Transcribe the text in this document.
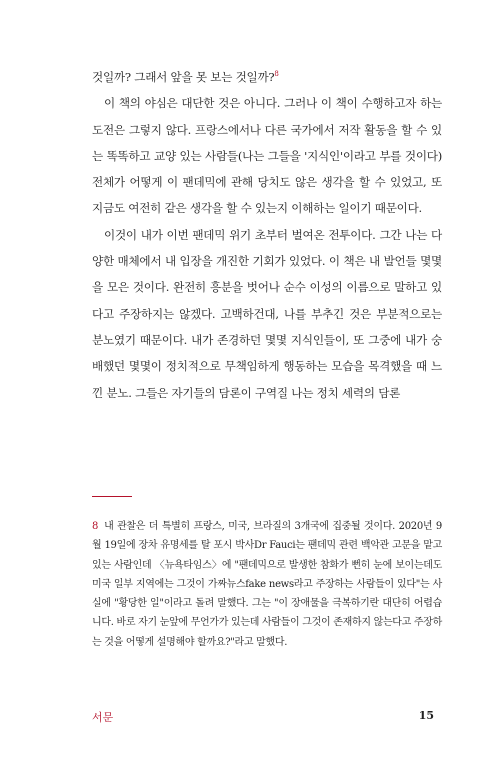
것일까? 그래서 앞을 못 보는 것일까?$^8$

이 책의 야심은 대단한 것은 아니다. 그러나 이 책이 수행하고자 하는 도전은 그렇지 않다. 프랑스에서나 다른 국가에서 저작 활동을 할 수 있는 똑똑하고 교양 있는 사람들(나는 그들을 '지식인'이라고 부를 것이다) 전체가 어떻게 이 팬데믹에 관해 당치도 않은 생각을 할 수 있었고, 또 지금도 여전히 같은 생각을 할 수 있는지 이해하는 일이기 때문이다.

이것이 내가 이번 팬데믹 위기 초부터 벌여온 전투이다. 그간 나는 다양한 매체에서 내 입장을 개진한 기회가 있었다. 이 책은 내 발언들 몇몇을 모은 것이다. 완전히 흥분을 벗어나 순수 이성의 이름으로 말하고 있다고 주장하지는 않겠다. 고백하건대, 나를 부추긴 것은 부분적으로는 분노였기 때문이다. 내가 존경하던 몇몇 지식인들이, 또 그중에 내가 숭배했던 몇몇이 정치적으로 무책임하게 행동하는 모습을 목격했을 때 느낀 분노. 그들은 자기들의 담론이 구역질 나는 정치 세력의 담론

8 내 관찰은 더 특별히 프랑스, 미국, 브라질의 3개국에 집중될 것이다. 2020년 9월 19일에 장차 유명세를 탈 포시 박사Dr Fauci는 팬데믹 관련 백악관 고문을 맡고 있는 사람인데 〈뉴욕타임스〉에 "팬데믹으로 발생한 참화가 뻔히 눈에 보이는데도 미국 일부 지역에는 그것이 가짜뉴스fake news라고 주장하는 사람들이 있다"는 사실에 "황당한 일"이라고 돌려 말했다. 그는 "이 장애물을 극복하기란 대단히 어렵습니다. 바로 자기 눈앞에 무언가가 있는데 사람들이 그것이 존재하지 않는다고 주장하는 것을 어떻게 설명해야 할까요?"라고 말했다.
서문	15
